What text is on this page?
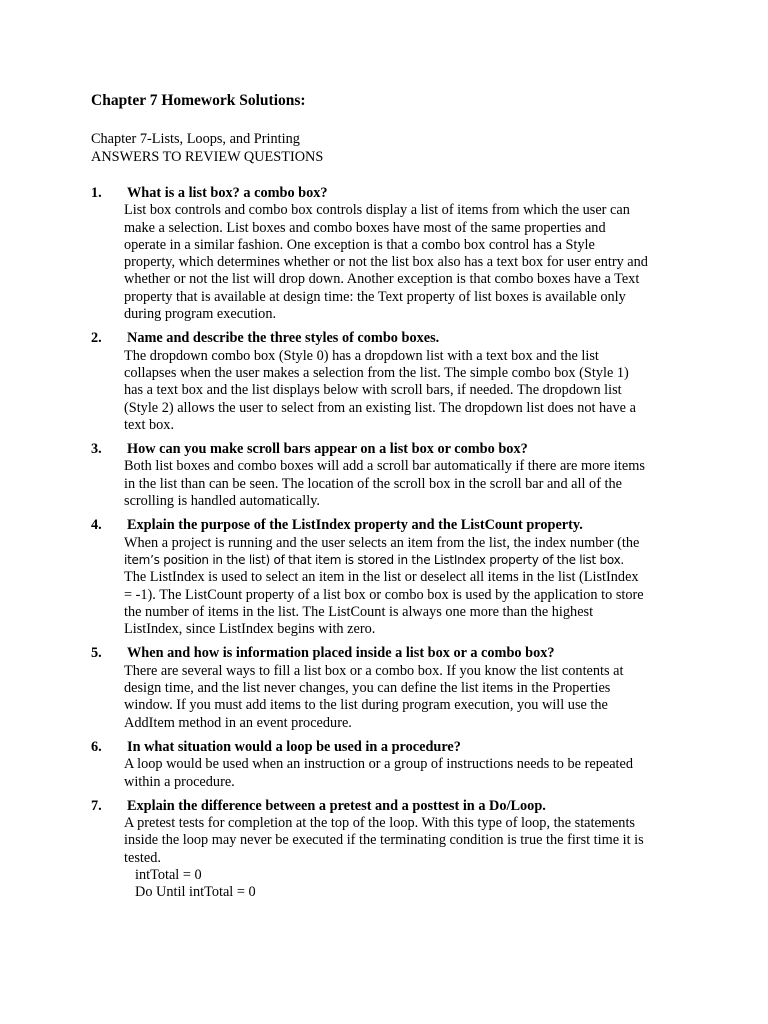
Chapter 7 Homework Solutions:
Chapter 7-Lists, Loops, and Printing
ANSWERS TO REVIEW QUESTIONS
1. What is a list box? a combo box?
List box controls and combo box controls display a list of items from which the user can
make a selection. List boxes and combo boxes have most of the same properties and
operate in a similar fashion. One exception is that a combo box control has a Style
property, which determines whether or not the list box also has a text box for user entry and
whether or not the list will drop down. Another exception is that combo boxes have a Text
property that is available at design time: the Text property of list boxes is available only
during program execution.
2. Name and describe the three styles of combo boxes.
The dropdown combo box (Style 0) has a dropdown list with a text box and the list
collapses when the user makes a selection from the list. The simple combo box (Style 1)
has a text box and the list displays below with scroll bars, if needed. The dropdown list
(Style 2) allows the user to select from an existing list. The dropdown list does not have a
text box.
3. How can you make scroll bars appear on a list box or combo box?
Both list boxes and combo boxes will add a scroll bar automatically if there are more items
in the list than can be seen. The location of the scroll box in the scroll bar and all of the
scrolling is handled automatically.
4. Explain the purpose of the ListIndex property and the ListCount property.
When a project is running and the user selects an item from the list, the index number (the
item’s position in the list) of that item is stored in the ListIndex property of the list box.
The ListIndex is used to select an item in the list or deselect all items in the list (ListIndex
= -1). The ListCount property of a list box or combo box is used by the application to store
the number of items in the list. The ListCount is always one more than the highest
ListIndex, since ListIndex begins with zero.
5. When and how is information placed inside a list box or a combo box?
There are several ways to fill a list box or a combo box. If you know the list contents at
design time, and the list never changes, you can define the list items in the Properties
window. If you must add items to the list during program execution, you will use the
AddItem method in an event procedure.
6. In what situation would a loop be used in a procedure?
A loop would be used when an instruction or a group of instructions needs to be repeated
within a procedure.
7. Explain the difference between a pretest and a posttest in a Do/Loop.
A pretest tests for completion at the top of the loop. With this type of loop, the statements
inside the loop may never be executed if the terminating condition is true the first time it is
tested.
intTotal = 0
Do Until intTotal = 0
